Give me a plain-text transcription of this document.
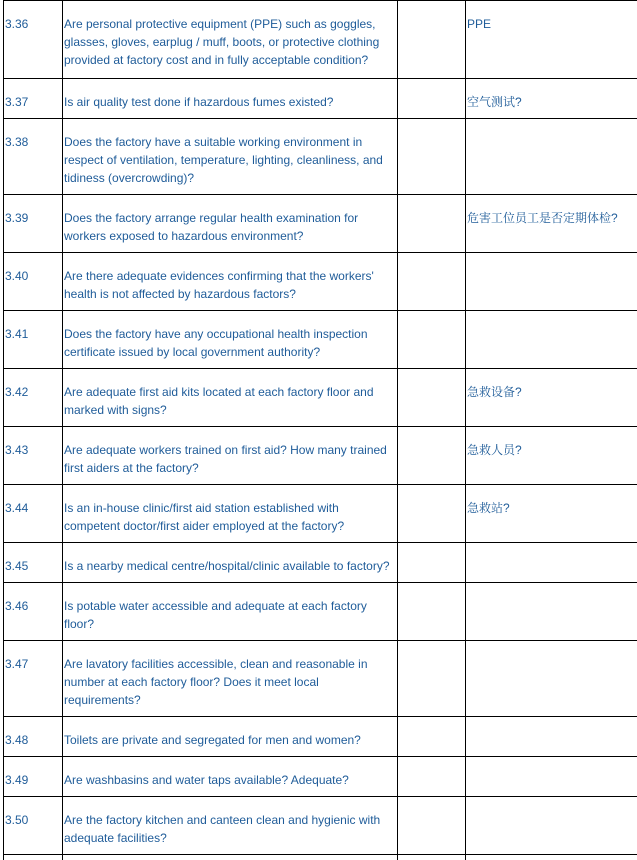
3.36	Are personal protective equipment (PPE) such as goggles, glasses, gloves, earplug / muff, boots, or protective clothing provided at factory cost and in fully acceptable condition?		PPE
3.37	Is air quality test done if hazardous fumes existed?		空气测试?
3.38	Does the factory have a suitable working environment in respect of ventilation, temperature, lighting, cleanliness, and tidiness (overcrowding)?		
3.39	Does the factory arrange regular health examination for workers exposed to hazardous environment?		危害工位员工是否定期体检?
3.40	Are there adequate evidences confirming that the workers' health is not affected by hazardous factors?		
3.41	Does the factory have any occupational health inspection certificate issued by local government authority?		
3.42	Are adequate first aid kits located at each factory floor and marked with signs?		急救设备?
3.43	Are adequate workers trained on first aid? How many trained first aiders at the factory?		急救人员?
3.44	Is an in-house clinic/first aid station established with competent doctor/first aider employed at the factory?		急救站?
3.45	Is a nearby medical centre/hospital/clinic available to factory?		
3.46	Is potable water accessible and adequate at each factory floor?		
3.47	Are lavatory facilities accessible, clean and reasonable in number at each factory floor? Does it meet local requirements?		
3.48	Toilets are private and segregated for men and women?		
3.49	Are washbasins and water taps available? Adequate?		
3.50	Are the factory kitchen and canteen clean and hygienic with adequate facilities?		
